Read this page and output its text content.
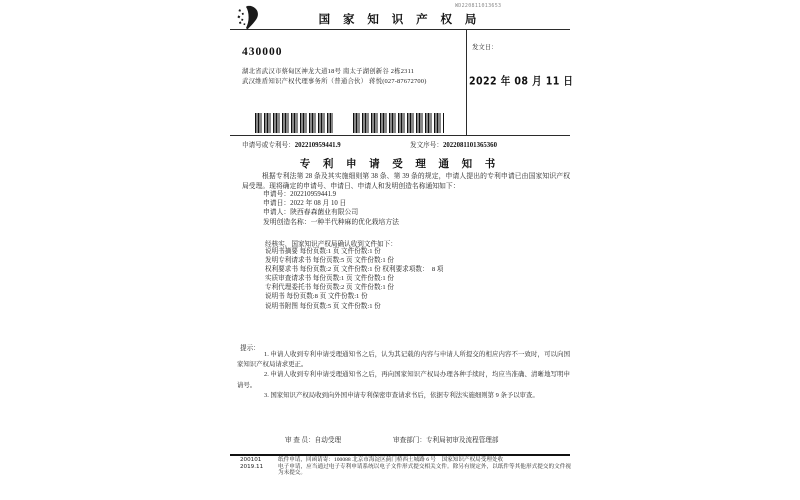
国 家 知 识 产 权 局
WD220811013653
430000
湖北省武汉市蔡甸区神龙大道18号 南太子湖创新谷 2栋2311
武汉维盾知识产权代理事务所（普通合伙） 蒋悦(027-87672700)
发文日：
2022 年 08 月 11 日
申请号或专利号：202210959441.9	发文序号：2022081101365360
专 利 申 请 受 理 通 知 书
根据专利法第 28 条及其实施细则第 38 条、第 39 条的规定，申请人提出的专利申请已由国家知识产权局受理。现将确定的申请号、申请日、申请人和发明创造名称通知如下：
申请号：202210959441.9
申请日：2022 年 08 月 10 日
申请人：陕西春森菌业有限公司
发明创造名称：一种半代种麻的优化栽培方法
经核实，国家知识产权局确认收到文件如下：
说明书摘要 每份页数:1 页 文件份数:1 份
发明专利请求书 每份页数:5 页 文件份数:1 份
权利要求书 每份页数:2 页 文件份数:1 份 权利要求项数：　8 项
实质审查请求书 每份页数:1 页 文件份数:1 份
专利代理委托书 每份页数:2 页 文件份数:1 份
说明书 每份页数:8 页 文件份数:1 份
说明书附图 每份页数:5 页 文件份数:1 份
提示：
1. 申请人收到专利申请受理通知书之后，认为其记载的内容与申请人所提交的相应内容不一致时，可以向国家知识产权局请求更正。
2. 申请人收到专利申请受理通知书之后，再向国家知识产权局办理各种手续时，均应当准确、清晰地写明申请号。
3. 国家知识产权局收到向外国申请专利保密审查请求书后，依据专利法实施细则第 9 条予以审查。
审 查 员：自动受理	审查部门：专利局初审及流程管理部
200101	纸件申请，回函请寄：100088 北京市海淀区蓟门桥西土城路 6 号　国家知识产权局受理处收
2019.11	电子申请，应当通过电子专利申请系统以电子文件形式提交相关文件。除另有规定外，以纸件等其他形式提交的文件视为未提交。
